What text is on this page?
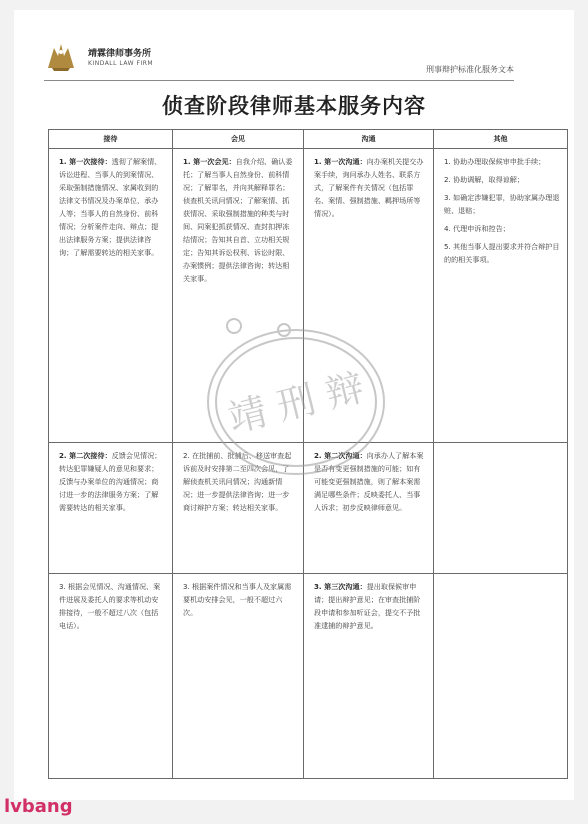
靖霖律师事务所
KINDALL LAW FIRM
刑事辩护标准化服务文本
侦查阶段律师基本服务内容
接待	会见	沟通	其他

1. 第一次接待：透彻了解案情、诉讼进程、当事人的到案情况、采取强制措施情况、家属收到的法律文书情况及办案单位、承办人等；当事人的自然身份、前科情况；分析案件走向、辩点；提出法律服务方案；提供法律咨询；了解需要转达的相关家事。	1. 第一次会见：自我介绍、确认委托；了解当事人自然身份、前科情况；了解罪名，并向其解释罪名；侦查机关讯问情况；了解案情、抓获情况、采取强制措施的种类与时间、同案犯抓获情况、查封扣押冻结情况；告知其自首、立功相关规定；告知其诉讼权利、诉讼时限、办案惯例；提供法律咨询；转达相关家事。	1. 第一次沟通：向办案机关提交办案手续，询问承办人姓名、联系方式，了解案件有关情况（包括罪名、案情、强制措施、羁押场所等情况）。	1. 协助办理取保候审申批手续；

2. 协助调解，取得谅解；

3. 如确定涉嫌犯罪，协助家属办理退赃、退赔；

4. 代理申诉和控告；

5. 其他当事人提出要求并符合辩护目的的相关事项。

2. 第二次接待：反馈会见情况；转达犯罪嫌疑人的意见和要求；反馈与办案单位的沟通情况；商讨进一步的法律服务方案；了解需要转达的相关家事。	2. 在批捕前、批捕后、移送审查起诉前及时安排第二至四次会见，了解侦查机关讯问情况；沟通新情况；进一步提供法律咨询；进一步商讨辩护方案；转达相关家事。	2. 第二次沟通：向承办人了解本案是否有变更强制措施的可能；如有可能变更强制措施，则了解本案需满足哪些条件；反映委托人、当事人诉求；初步反映律师意见。	

3. 根据会见情况、沟通情况、案件进展及委托人的要求等机动安排接待，一般不超过八次（包括电话）。	3. 根据案件情况和当事人及家属需要机动安排会见，一般不超过六次。	3. 第三次沟通：提出取保候审申请；提出辩护意见；在审查批捕阶段申请和参加听证会，提交不予批准逮捕的辩护意见。	

靖 刑 辩
lvbang
